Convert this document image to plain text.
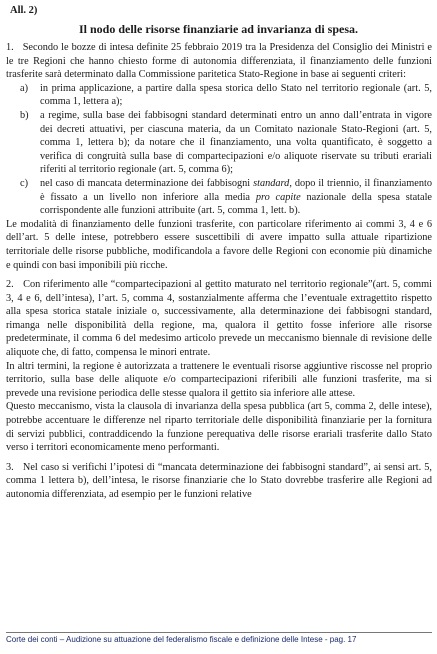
All. 2)
Il nodo delle risorse finanziarie ad invarianza di spesa.

1.   Secondo le bozze di intesa definite 25 febbraio 2019 tra la Presidenza del Consiglio dei Ministri e le tre Regioni che hanno chiesto forme di autonomia differenziata, il finanziamento delle funzioni trasferite sarà determinato dalla Commissione paritetica Stato-Regione in base ai seguenti criteri:

a) in prima applicazione, a partire dalla spesa storica dello Stato nel territorio regionale (art. 5, comma 1, lettera a);
b) a regime, sulla base dei fabbisogni standard determinati entro un anno dall’entrata in vigore dei decreti attuativi, per ciascuna materia, da un Comitato nazionale Stato-Regioni (art. 5, comma 1, lettera b); da notare che il finanziamento, una volta quantificato, è soggetto a verifica di congruità sulla base di compartecipazioni e/o aliquote riservate su tributi erariali riferiti al territorio regionale (art. 5, comma 6);
c) nel caso di mancata determinazione dei fabbisogni standard, dopo il triennio, il finanziamento è fissato a un livello non inferiore alla media pro capite nazionale della spesa statale corrispondente alle funzioni attribuite (art. 5, comma 1, lett. b).

Le modalità di finanziamento delle funzioni trasferite, con particolare riferimento ai commi 3, 4 e 6 dell’art. 5 delle intese, potrebbero essere suscettibili di avere impatto sulla attuale ripartizione territoriale delle risorse pubbliche, modificandola a favore delle Regioni con economie più dinamiche e quindi con basi imponibili più ricche.

2.   Con riferimento alle “compartecipazioni al gettito maturato nel territorio regionale”(art. 5, commi 3, 4 e 6, dell’intesa), l’art. 5, comma 4, sostanzialmente afferma che l’eventuale extragettito rispetto alla spesa storica statale iniziale o, successivamente, alla determinazione dei fabbisogni standard, rimanga nelle disponibilità della regione, ma, qualora il gettito fosse inferiore alle risorse predeterminate, il comma 6 del medesimo articolo prevede un meccanismo biennale di revisione delle aliquote che, di fatto, compensa le minori entrate.

In altri termini, la regione è autorizzata a trattenere le eventuali risorse aggiuntive riscosse nel proprio territorio, sulla base delle aliquote e/o compartecipazioni riferibili alle funzioni trasferite, ma si prevede una revisione periodica delle stesse qualora il gettito sia inferiore alle attese.

Questo meccanismo, vista la clausola di invarianza della spesa pubblica (art 5, comma 2, delle intese), potrebbe accentuare le differenze nel riparto territoriale delle disponibilità finanziarie per la fornitura di servizi pubblici, contraddicendo la funzione perequativa delle risorse erariali trasferite dallo Stato verso i territori economicamente meno performanti.

3.   Nel caso si verifichi l’ipotesi di “mancata determinazione dei fabbisogni standard”, ai sensi art. 5, comma 1 lettera b), dell’intesa, le risorse finanziarie che lo Stato dovrebbe trasferire alle Regioni ad autonomia differenziata, ad esempio per le funzioni relative

Corte dei conti – Audizione su attuazione del federalismo fiscale e definizione delle Intese - pag. 17
